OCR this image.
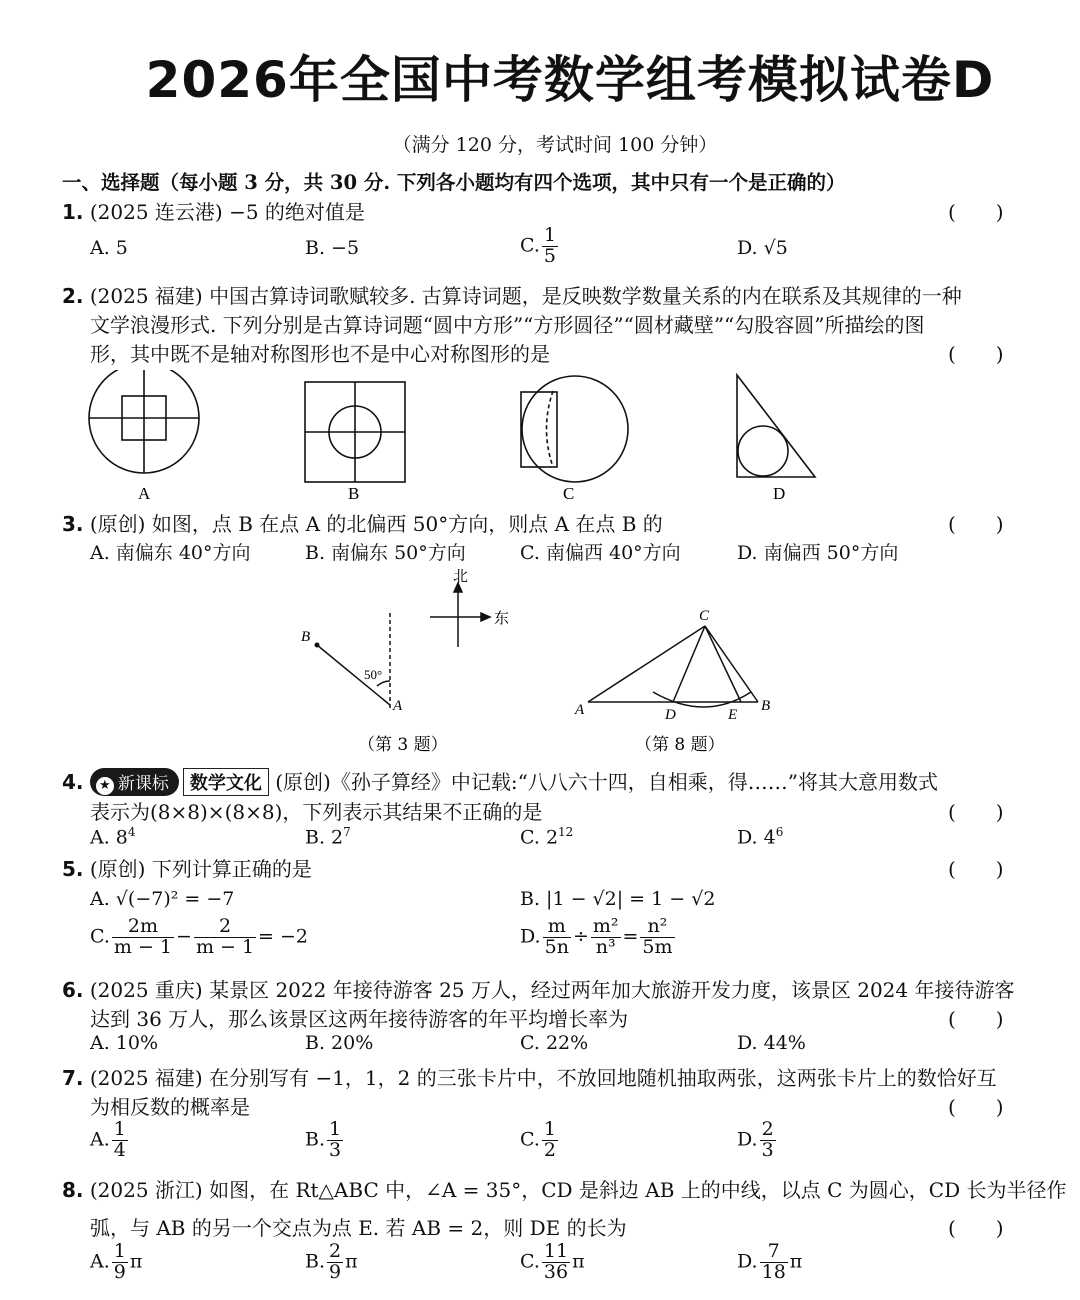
2026年全国中考数学组考模拟试卷D
（满分 120 分，考试时间 100 分钟）
一、选择题（每小题 3 分，共 30 分. 下列各小题均有四个选项，其中只有一个是正确的）
1. (2025 连云港) −5 的绝对值是	(　　)
A. 5	B. −5	C. $\frac{1}{5}$	D. √5
2. (2025 福建) 中国古算诗词歌赋较多. 古算诗词题，是反映数学数量关系的内在联系及其规律的一种
文学浪漫形式. 下列分别是古算诗词题“圆中方形”“方形圆径”“圆材藏壁”“勾股容圆”所描绘的图
形，其中既不是轴对称图形也不是中心对称图形的是	(　　)
A	B	C	D
3. (原创) 如图，点 B 在点 A 的北偏西 50°方向，则点 A 在点 B 的	(　　)
A. 南偏东 40°方向	B. 南偏东 50°方向	C. 南偏西 40°方向	D. 南偏西 50°方向
北
东
B
A
50°
（第 3 题）
C
A	B
D	E
（第 8 题）
4. ★ 新课标 数学文化 (原创)《孙子算经》中记载:“八八六十四，自相乘，得……”将其大意用数式
表示为(8×8)×(8×8)，下列表示其结果不正确的是	(　　)
A. $8^4$	B. $2^7$	C. $2^{12}$	D. $4^6$
5. (原创) 下列计算正确的是	(　　)
A. √(−7)² = −7	B. |1 − √2| = 1 − √2
C. $\frac{2m}{m - 1} - \frac{2}{m - 1} = -2$	D. $\frac{m}{5n} \div \frac{\text{m²}}{\text{n³}} = \frac{\text{n²}}{5m}$
6. (2025 重庆) 某景区 2022 年接待游客 25 万人，经过两年加大旅游开发力度，该景区 2024 年接待游客
达到 36 万人，那么该景区这两年接待游客的年平均增长率为	(　　)
A. 10%	B. 20%	C. 22%	D. 44%
7. (2025 福建) 在分别写有 −1，1，2 的三张卡片中，不放回地随机抽取两张，这两张卡片上的数恰好互
为相反数的概率是	(　　)
A. $\frac{1}{4}$	B. $\frac{1}{3}$	C. $\frac{1}{2}$	D. $\frac{2}{3}$
8. (2025 浙江) 如图，在 Rt△ABC 中，∠A = 35°，CD 是斜边 AB 上的中线，以点 C 为圆心，CD 长为半径作
弧，与 AB 的另一个交点为点 E. 若 AB = 2，则 DE 的长为	(　　)
A. $\frac{1}{9}$ π	B. $\frac{2}{9}$ π	C. $\frac{11}{36}$ π	D. $\frac{7}{18}$ π
